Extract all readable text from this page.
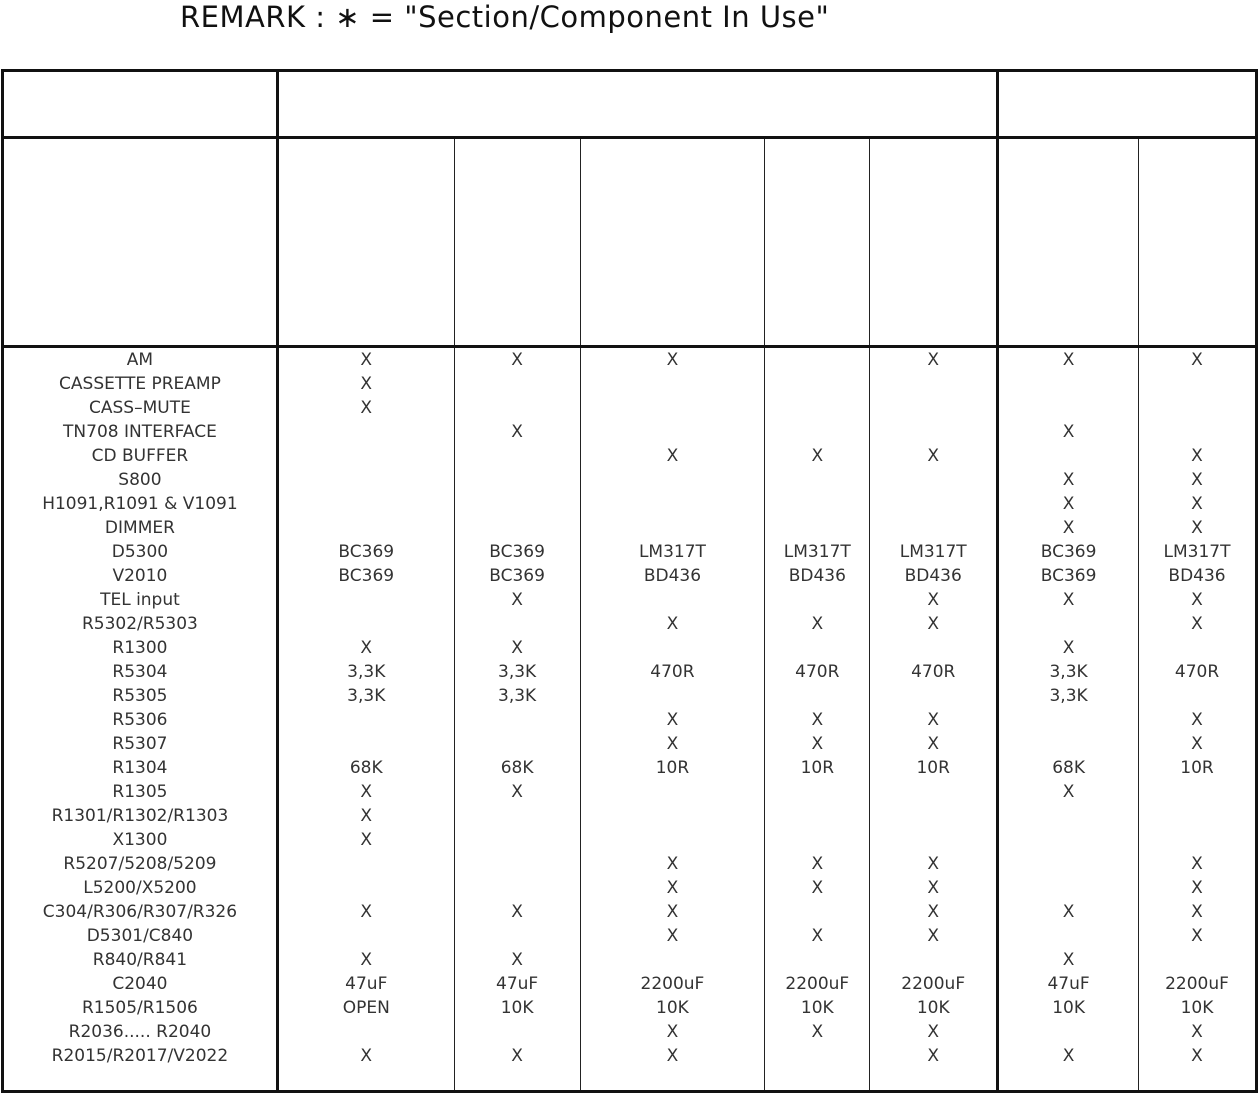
REMARK : ∗ = "Section/Component In Use"

AM	X	X	X		X	X	X
CASSETTE PREAMP	X						
CASS–MUTE	X						
TN708 INTERFACE		X				X	
CD BUFFER			X	X	X		X
S800						X	X
H1091,R1091 & V1091						X	X
DIMMER						X	X
D5300	BC369	BC369	LM317T	LM317T	LM317T	BC369	LM317T
V2010	BC369	BC369	BD436	BD436	BD436	BC369	BD436
TEL input		X			X	X	X
R5302/R5303			X	X	X		X
R1300	X	X				X	
R5304	3,3K	3,3K	470R	470R	470R	3,3K	470R
R5305	3,3K	3,3K				3,3K	
R5306			X	X	X		X
R5307			X	X	X		X
R1304	68K	68K	10R	10R	10R	68K	10R
R1305	X	X				X	
R1301/R1302/R1303	X						
X1300	X						
R5207/5208/5209			X	X	X		X
L5200/X5200			X	X	X		X
C304/R306/R307/R326	X	X	X		X	X	X
D5301/C840			X	X	X		X
R840/R841	X	X				X	
C2040	47uF	47uF	2200uF	2200uF	2200uF	47uF	2200uF
R1505/R1506	OPEN	10K	10K	10K	10K	10K	10K
R2036..... R2040			X	X	X		X
R2015/R2017/V2022	X	X	X		X	X	X
